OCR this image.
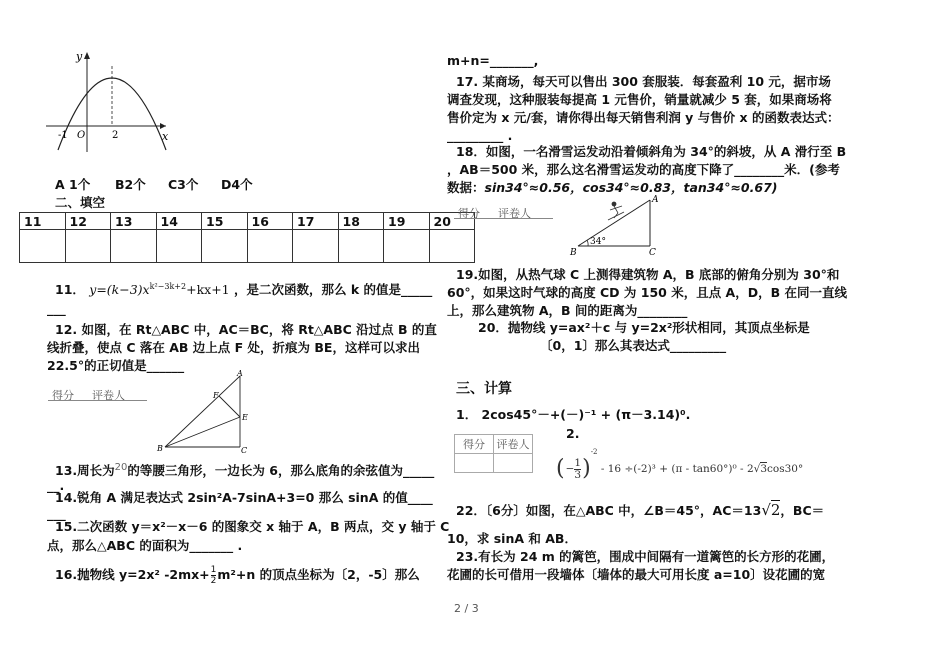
y
x
O
-1	2
A 1个 B2个 C3个 D4个
二、填空
11	12	13	14	15	16	17	18	19	20

11． $y=(k-3)x^{k^2-3k+2}+kx+1$ ，是二次函数，那么 k 的值是_____
___
12. 如图，在 Rt△ABC 中，AC＝BC，将 Rt△ABC 沿过点 B 的直
线折叠，使点 C 落在 AB 边上点 F 处，折痕为 BE，这样可以求出
22.5°的正切值是______
得分 评卷人
A
F
E
B	C
13.周长为$^{20}$的等腰三角形，一边长为 6，那么底角的余弦值为_____
__.
14.锐角 A 满足表达式 2sin²A-7sinA+3=0 那么 sinA 的值____
___
15.二次函数 y＝x²－x－6 的图象交 x 轴于 A，B 两点，交 y 轴于 C
点，那么△ABC 的面积为_______ .
16.抛物线 y=2x² $-2mx+ \frac{1}{2} m^2+n$ 的顶点坐标为〔2，-5〕那么
m+n=_______,
17. 某商场，每天可以售出 300 套服装．每套盈利 10 元，据市场
调查发现，这种服装每提高 1 元售价，销量就减少 5 套，如果商场将
售价定为 x 元/套，请你得出每天销售利润 y 与售价 x 的函数表达式：
_________ .
18．如图，一名滑雪运发动沿着倾斜角为 34°的斜坡，从 A 滑行至 B
，AB＝500 米，那么这名滑雪运发动的高度下降了________米．(参考
数据：sin34°≈0.56，cos34°≈0.83，tan34°≈0.67)
得分 评卷人
A
B	C
34°
19.如图，从热气球 C 上测得建筑物 A，B 底部的俯角分别为 30°和
60°，如果这时气球的高度 CD 为 150 米，且点 A，D，B 在同一直线
上，那么建筑物 A，B 间的距离为________
20．抛物线 y=ax²＋c 与 y=2x²形状相同，其顶点坐标是
〔0，1〕那么其表达式_________
三、计算
1． 2cos45°－+(－)⁻¹ + (π－3.14)⁰.
2.
得分	评卷人

(− $\frac{1}{3} )^{-2} - 16 \div(-2)^3 + (\pi - \tan 60^\circ)^0 - 2√3\cos 30^\circ$
22．〔6分〕如图，在△ABC 中，∠B＝45°，AC＝13√2，BC＝
10，求 sinA 和 AB．
23.有长为 24 m 的篱笆，围成中间隔有一道篱笆的长方形的花圃，
花圃的长可借用一段墙体〔墙体的最大可用长度 a=10〕设花圃的宽
2 / 3
